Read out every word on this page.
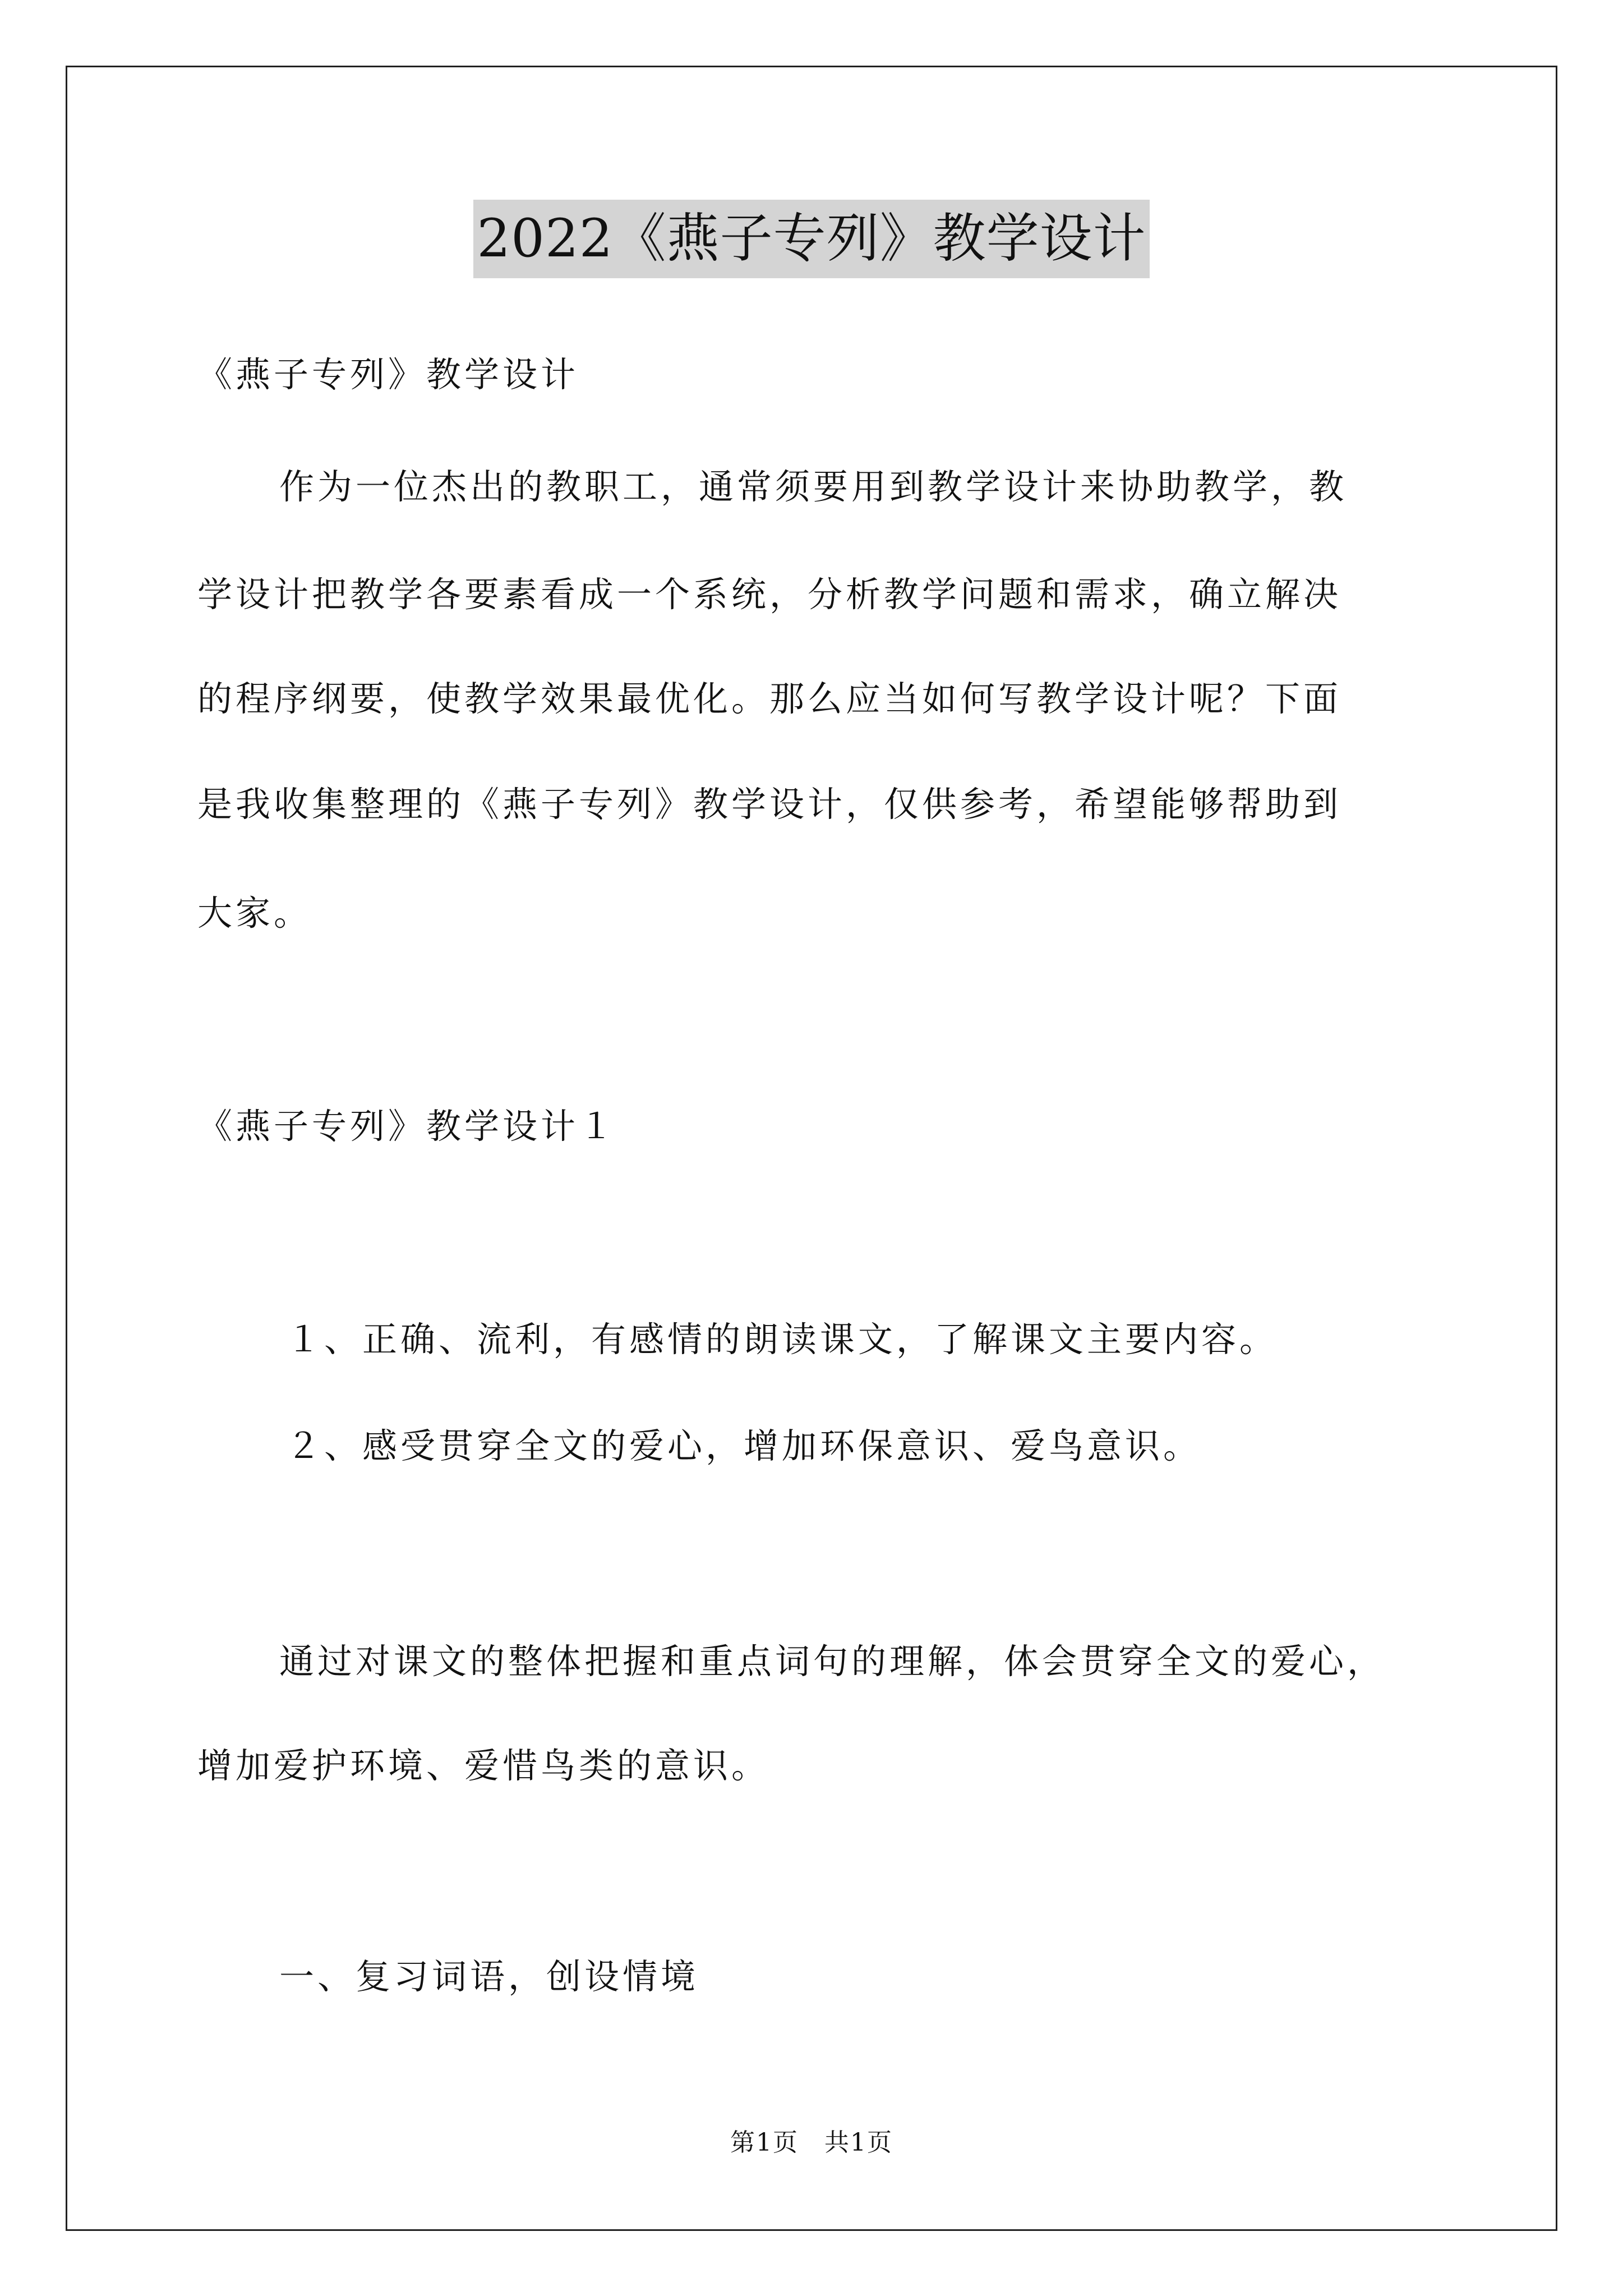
2022《燕子专列》教学设计
《燕子专列》教学设计
作为一位杰出的教职工，通常须要用到教学设计来协助教学，教
学设计把教学各要素看成一个系统，分析教学问题和需求，确立解决
的程序纲要，使教学效果最优化。那么应当如何写教学设计呢？下面
是我收集整理的《燕子专列》教学设计，仅供参考，希望能够帮助到
大家。
《燕子专列》教学设计１
１、正确、流利，有感情的朗读课文，了解课文主要内容。
２、感受贯穿全文的爱心，增加环保意识、爱鸟意识。
通过对课文的整体把握和重点词句的理解，体会贯穿全文的爱心，
增加爱护环境、爱惜鸟类的意识。
一、复习词语，创设情境
第1页　共1页
